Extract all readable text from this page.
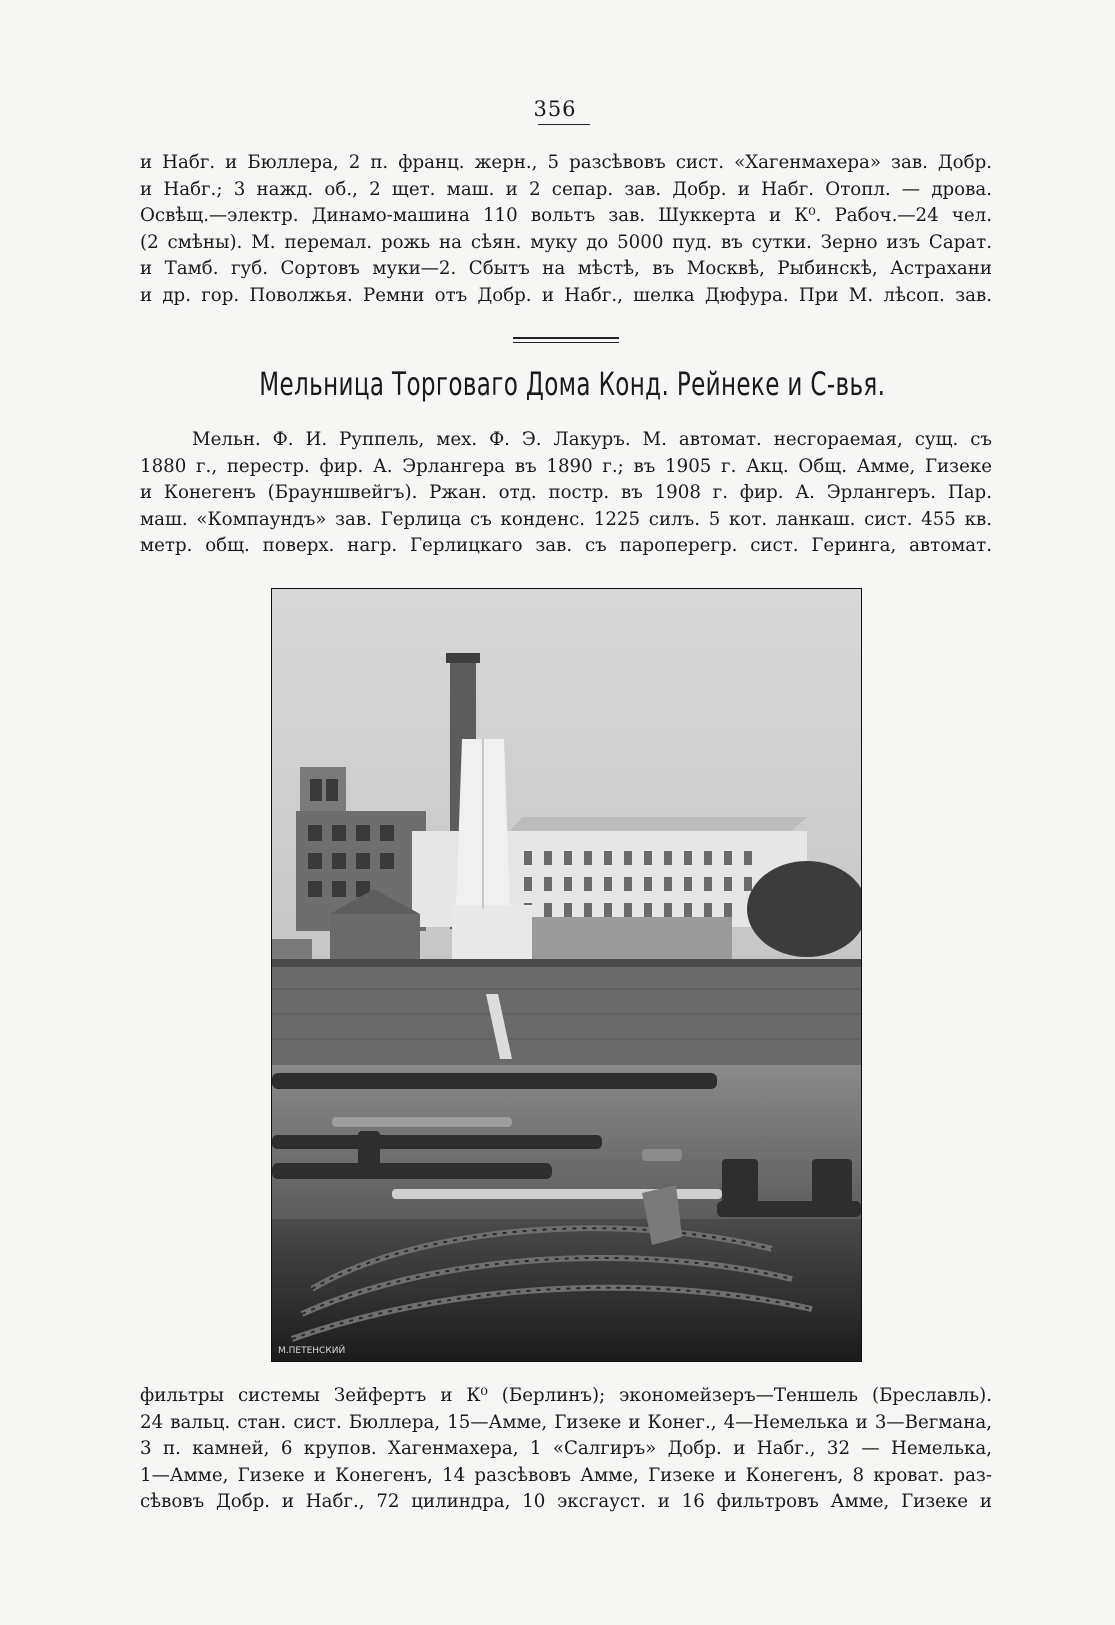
356
и Набг. и Бюллера, 2 п. франц. жерн., 5 разсѣвовъ сист. «Хагенмахера» зав. Добр.
и Набг.; 3 нажд. об., 2 щет. маш. и 2 сепар. зав. Добр. и Набг. Отопл. — дрова.
Освѣщ.—электр. Динамо-машина 110 вольтъ зав. Шуккерта и К⁰. Рабоч.—24 чел.
(2 смѣны). М. перемал. рожь на сѣян. муку до 5000 пуд. въ сутки. Зерно изъ Сарат.
и Тамб. губ. Сортовъ муки—2. Сбытъ на мѣстѣ, въ Москвѣ, Рыбинскѣ, Астрахани
и др. гор. Поволжья. Ремни отъ Добр. и Набг., шелка Дюфура. При М. лѣсоп. зав.
Мельница Торговаго Дома Конд. Рейнеке и С-вья.
Мельн. Ф. И. Руппель, мех. Ф. Э. Лакуръ. М. автомат. несгораемая, сущ. съ
1880 г., перестр. фир. А. Эрлангера въ 1890 г.; въ 1905 г. Акц. Общ. Амме, Гизеке
и Конегенъ (Брауншвейгъ). Ржан. отд. постр. въ 1908 г. фир. А. Эрлангеръ. Пар.
маш. «Компаундъ» зав. Герлица съ конденс. 1225 силъ. 5 кот. ланкаш. сист. 455 кв.
метр. общ. поверх. нагр. Герлицкаго зав. съ пароперегр. сист. Геринга, автомат.
М.ПЕТЕНСКИЙ
фильтры системы Зейфертъ и К⁰ (Берлинъ); экономейзеръ—Теншель (Бреславль).
24 вальц. стан. сист. Бюллера, 15—Амме, Гизеке и Конег., 4—Немелька и 3—Вегмана,
3 п. камней, 6 крупов. Хагенмахера, 1 «Салгиръ» Добр. и Набг., 32 — Немелька,
1—Амме, Гизеке и Конегенъ, 14 разсѣвовъ Амме, Гизеке и Конегенъ, 8 кроват. раз-
сѣвовъ Добр. и Набг., 72 цилиндра, 10 эксгауст. и 16 фильтровъ Амме, Гизеке и
